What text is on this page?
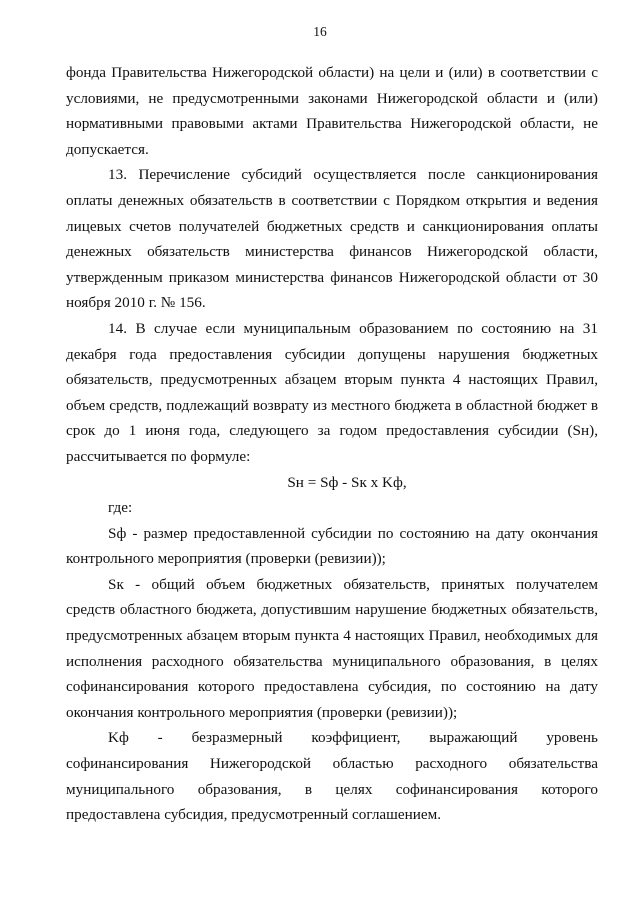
16

фонда Правительства Нижегородской области) на цели и (или) в соответствии с условиями, не предусмотренными законами Нижегородской области и (или) нормативными правовыми актами Правительства Нижегородской области, не допускается.

13. Перечисление субсидий осуществляется после санкционирования оплаты денежных обязательств в соответствии с Порядком открытия и ведения лицевых счетов получателей бюджетных средств и санкционирования оплаты денежных обязательств министерства финансов Нижегородской области, утвержденным приказом министерства финансов Нижегородской области от 30 ноября 2010 г. № 156.

14. В случае если муниципальным образованием по состоянию на 31 декабря года предоставления субсидии допущены нарушения бюджетных обязательств, предусмотренных абзацем вторым пункта 4 настоящих Правил, объем средств, подлежащий возврату из местного бюджета в областной бюджет в срок до 1 июня года, следующего за годом предоставления субсидии (Sн), рассчитывается по формуле:

Sн = Sф - Sк x Kф,

где:

Sф - размер предоставленной субсидии по состоянию на дату окончания контрольного мероприятия (проверки (ревизии));

Sк - общий объем бюджетных обязательств, принятых получателем средств областного бюджета, допустившим нарушение бюджетных обязательств, предусмотренных абзацем вторым пункта 4 настоящих Правил, необходимых для исполнения расходного обязательства муниципального образования, в целях софинансирования которого предоставлена субсидия, по состоянию на дату окончания контрольного мероприятия (проверки (ревизии));

Kф - безразмерный коэффициент, выражающий уровень софинансирования Нижегородской областью расходного обязательства муниципального образования, в целях софинансирования которого предоставлена субсидия, предусмотренный соглашением.
